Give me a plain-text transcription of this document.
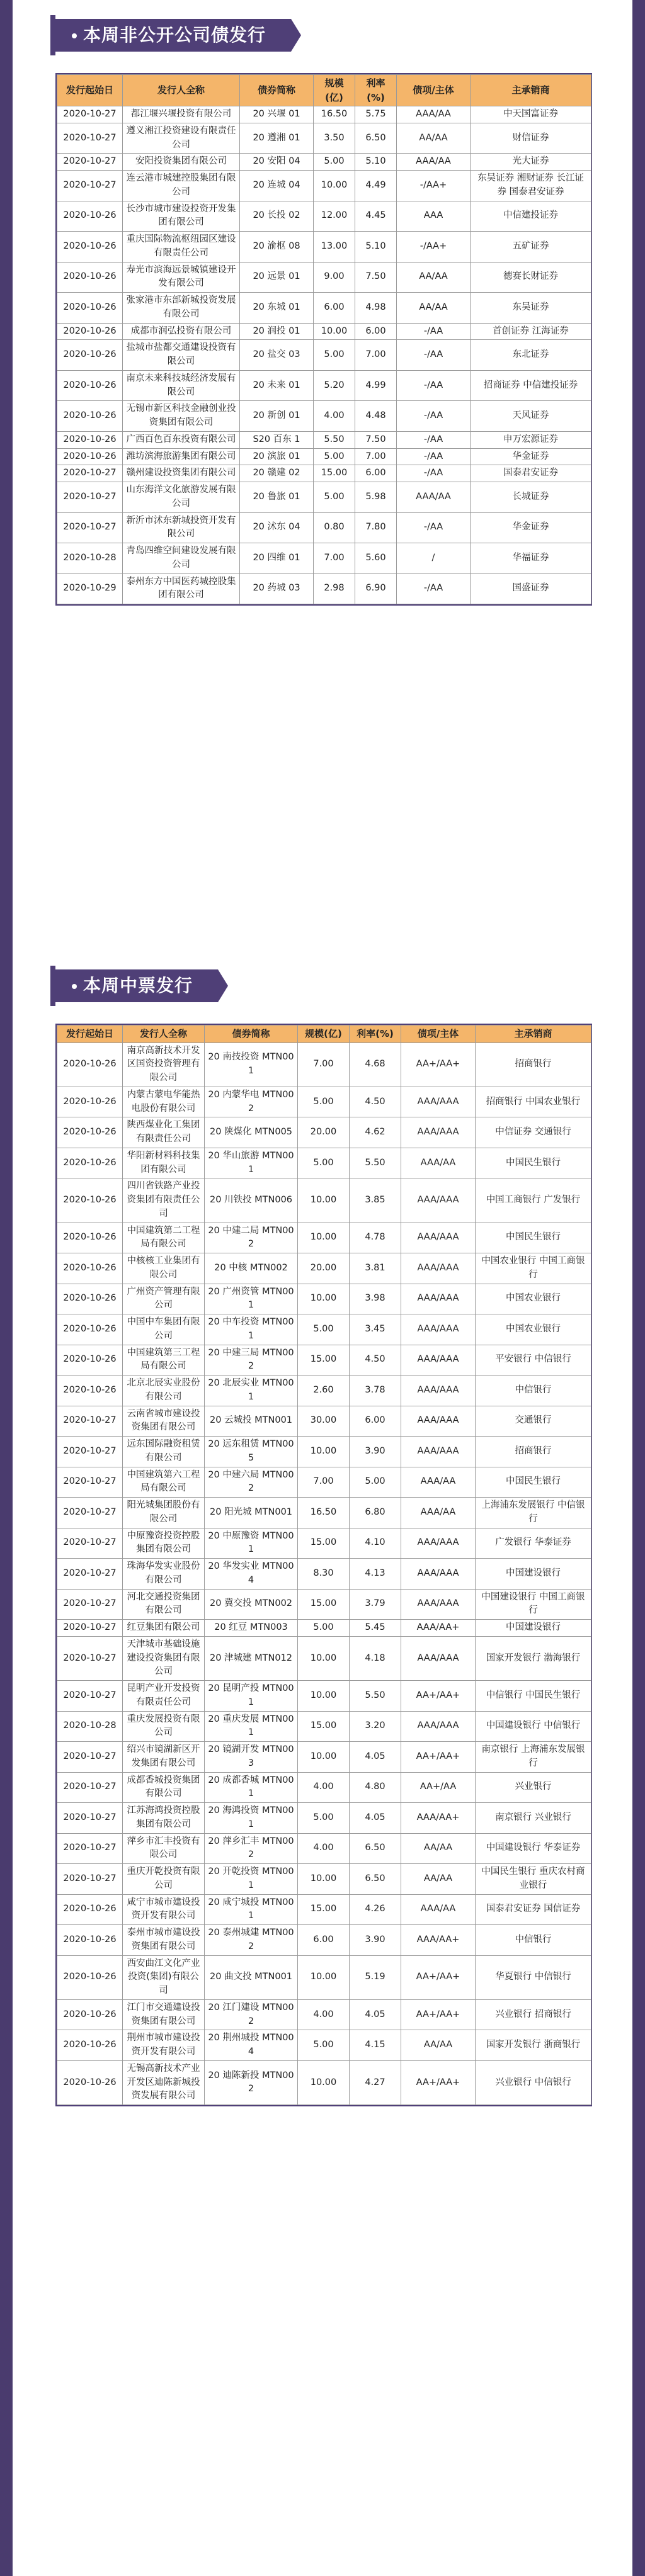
本周非公开公司债发行
发行起始日	发行人全称	债券简称	规模(亿)	利率(%)	债项/主体	主承销商
2020-10-27	都江堰兴堰投资有限公司	20 兴堰 01	16.50	5.75	AAA/AA	中天国富证券
2020-10-27	遵义湘江投资建设有限责任公司	20 遵湘 01	3.50	6.50	AA/AA	财信证券
2020-10-27	安阳投资集团有限公司	20 安阳 04	5.00	5.10	AAA/AA	光大证券
2020-10-27	连云港市城建控股集团有限公司	20 连城 04	10.00	4.49	-/AA+	东吴证券 湘财证券 长江证券 国泰君安证券
2020-10-26	长沙市城市建设投资开发集团有限公司	20 长投 02	12.00	4.45	AAA	中信建投证券
2020-10-26	重庆国际物流枢纽园区建设有限责任公司	20 渝枢 08	13.00	5.10	-/AA+	五矿证券
2020-10-26	寿光市滨海远景城镇建设开发有限公司	20 远景 01	9.00	7.50	AA/AA	德赛长财证券
2020-10-26	张家港市东部新城投资发展有限公司	20 东城 01	6.00	4.98	AA/AA	东吴证券
2020-10-26	成都市润弘投资有限公司	20 润投 01	10.00	6.00	-/AA	首创证券 江海证券
2020-10-26	盐城市盐都交通建设投资有限公司	20 盐交 03	5.00	7.00	-/AA	东北证券
2020-10-26	南京未来科技城经济发展有限公司	20 未来 01	5.20	4.99	-/AA	招商证券 中信建投证券
2020-10-26	无锡市新区科技金融创业投资集团有限公司	20 新创 01	4.00	4.48	-/AA	天风证券
2020-10-26	广西百色百东投资有限公司	S20 百东 1	5.50	7.50	-/AA	申万宏源证券
2020-10-26	潍坊滨海旅游集团有限公司	20 滨旅 01	5.00	7.00	-/AA	华金证券
2020-10-27	赣州建设投资集团有限公司	20 赣建 02	15.00	6.00	-/AA	国泰君安证券
2020-10-27	山东海洋文化旅游发展有限公司	20 鲁旅 01	5.00	5.98	AAA/AA	长城证券
2020-10-27	新沂市沭东新城投资开发有限公司	20 沭东 04	0.80	7.80	-/AA	华金证券
2020-10-28	青岛四维空间建设发展有限公司	20 四维 01	7.00	5.60	/	华福证券
2020-10-29	泰州东方中国医药城控股集团有限公司	20 药城 03	2.98	6.90	-/AA	国盛证券
本周中票发行
发行起始日	发行人全称	债券简称	规模(亿)	利率(%)	债项/主体	主承销商
2020-10-26	南京高新技术开发区国资投资管理有限公司	20 南技投资 MTN001	7.00	4.68	AA+/AA+	招商银行
2020-10-26	内蒙古蒙电华能热电股份有限公司	20 内蒙华电 MTN002	5.00	4.50	AAA/AAA	招商银行 中国农业银行
2020-10-26	陕西煤业化工集团有限责任公司	20 陕煤化 MTN005	20.00	4.62	AAA/AAA	中信证券 交通银行
2020-10-26	华阳新材料科技集团有限公司	20 华山旅游 MTN001	5.00	5.50	AAA/AA	中国民生银行
2020-10-26	四川省铁路产业投资集团有限责任公司	20 川铁投 MTN006	10.00	3.85	AAA/AAA	中国工商银行 广发银行
2020-10-26	中国建筑第二工程局有限公司	20 中建二局 MTN002	10.00	4.78	AAA/AAA	中国民生银行
2020-10-26	中核核工业集团有限公司	20 中核 MTN002	20.00	3.81	AAA/AAA	中国农业银行 中国工商银行
2020-10-26	广州资产管理有限公司	20 广州资管 MTN001	10.00	3.98	AAA/AAA	中国农业银行
2020-10-26	中国中车集团有限公司	20 中车投资 MTN001	5.00	3.45	AAA/AAA	中国农业银行
2020-10-26	中国建筑第三工程局有限公司	20 中建三局 MTN002	15.00	4.50	AAA/AAA	平安银行 中信银行
2020-10-26	北京北辰实业股份有限公司	20 北辰实业 MTN001	2.60	3.78	AAA/AAA	中信银行
2020-10-27	云南省城市建设投资集团有限公司	20 云城投 MTN001	30.00	6.00	AAA/AAA	交通银行
2020-10-27	远东国际融资租赁有限公司	20 远东租赁 MTN005	10.00	3.90	AAA/AAA	招商银行
2020-10-27	中国建筑第六工程局有限公司	20 中建六局 MTN002	7.00	5.00	AAA/AA	中国民生银行
2020-10-27	阳光城集团股份有限公司	20 阳光城 MTN001	16.50	6.80	AAA/AA	上海浦东发展银行 中信银行
2020-10-27	中原豫资投资控股集团有限公司	20 中原豫资 MTN001	15.00	4.10	AAA/AAA	广发银行 华泰证券
2020-10-27	珠海华发实业股份有限公司	20 华发实业 MTN004	8.30	4.13	AAA/AAA	中国建设银行
2020-10-27	河北交通投资集团有限公司	20 冀交投 MTN002	15.00	3.79	AAA/AAA	中国建设银行 中国工商银行
2020-10-27	红豆集团有限公司	20 红豆 MTN003	5.00	5.45	AAA/AA+	中国建设银行
2020-10-27	天津城市基础设施建设投资集团有限公司	20 津城建 MTN012	10.00	4.18	AAA/AAA	国家开发银行 渤海银行
2020-10-27	昆明产业开发投资有限责任公司	20 昆明产投 MTN001	10.00	5.50	AA+/AA+	中信银行 中国民生银行
2020-10-28	重庆发展投资有限公司	20 重庆发展 MTN001	15.00	3.20	AAA/AAA	中国建设银行 中信银行
2020-10-27	绍兴市镜湖新区开发集团有限公司	20 镜湖开发 MTN003	10.00	4.05	AA+/AA+	南京银行 上海浦东发展银行
2020-10-27	成都香城投资集团有限公司	20 成都香城 MTN001	4.00	4.80	AA+/AA	兴业银行
2020-10-27	江苏海鸿投资控股集团有限公司	20 海鸿投资 MTN001	5.00	4.05	AAA/AA+	南京银行 兴业银行
2020-10-27	萍乡市汇丰投资有限公司	20 萍乡汇丰 MTN002	4.00	6.50	AA/AA	中国建设银行 华泰证券
2020-10-27	重庆开乾投资有限公司	20 开乾投资 MTN001	10.00	6.50	AA/AA	中国民生银行 重庆农村商业银行
2020-10-26	咸宁市城市建设投资开发有限公司	20 咸宁城投 MTN001	15.00	4.26	AAA/AA	国泰君安证券 国信证券
2020-10-26	泰州市城市建设投资集团有限公司	20 泰州城建 MTN002	6.00	3.90	AAA/AA+	中信银行
2020-10-26	西安曲江文化产业投资(集团)有限公司	20 曲文投 MTN001	10.00	5.19	AA+/AA+	华夏银行 中信银行
2020-10-26	江门市交通建设投资集团有限公司	20 江门建设 MTN002	4.00	4.05	AA+/AA+	兴业银行 招商银行
2020-10-26	荆州市城市建设投资开发有限公司	20 荆州城投 MTN004	5.00	4.15	AA/AA	国家开发银行 浙商银行
2020-10-26	无锡高新技术产业开发区迪陈新城投资发展有限公司	20 迪陈新投 MTN002	10.00	4.27	AA+/AA+	兴业银行 中信银行
